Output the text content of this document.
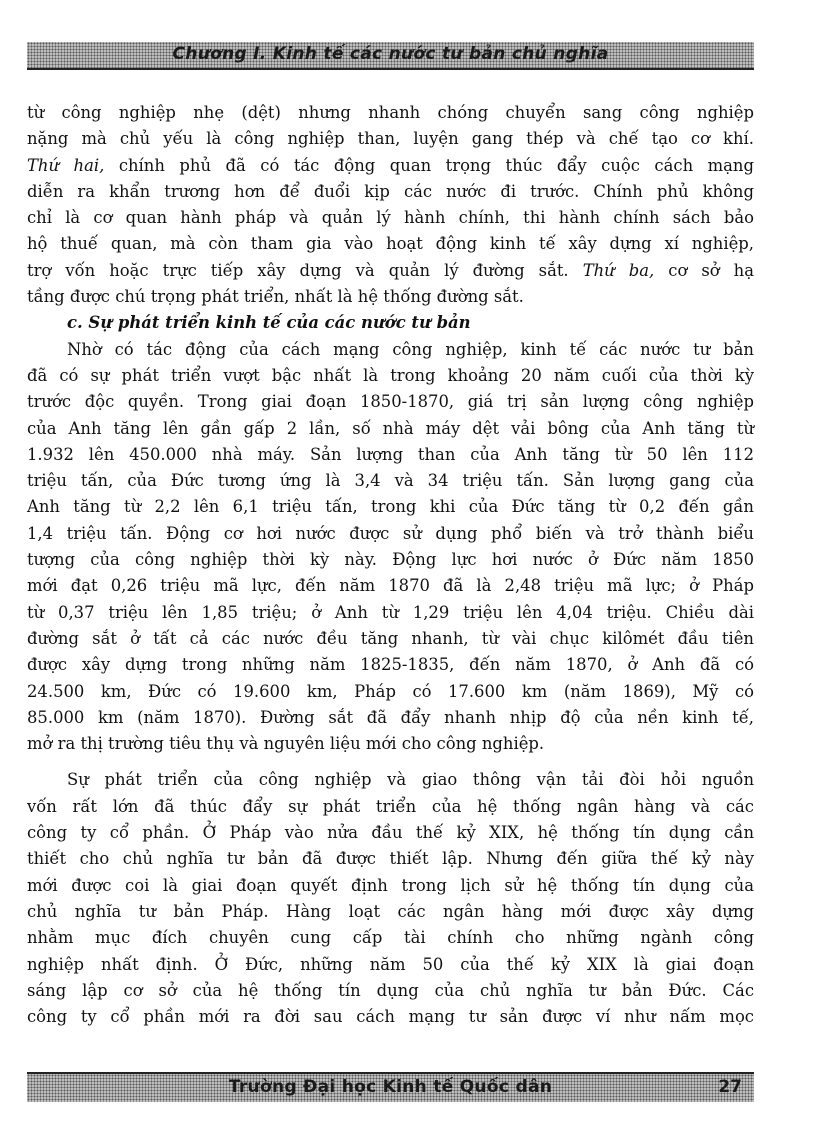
Chương I. Kinh tế các nước tư bản chủ nghĩa
từ công nghiệp nhẹ (dệt) nhưng nhanh chóng chuyển sang công nghiệp
nặng mà chủ yếu là công nghiệp than, luyện gang thép và chế tạo cơ khí.
Thứ hai, chính phủ đã có tác động quan trọng thúc đẩy cuộc cách mạng
diễn ra khẩn trương hơn để đuổi kịp các nước đi trước. Chính phủ không
chỉ là cơ quan hành pháp và quản lý hành chính, thi hành chính sách bảo
hộ thuế quan, mà còn tham gia vào hoạt động kinh tế xây dựng xí nghiệp,
trợ vốn hoặc trực tiếp xây dựng và quản lý đường sắt. Thứ ba, cơ sở hạ
tầng được chú trọng phát triển, nhất là hệ thống đường sắt.
c. Sự phát triển kinh tế của các nước tư bản
Nhờ có tác động của cách mạng công nghiệp, kinh tế các nước tư bản
đã có sự phát triển vượt bậc nhất là trong khoảng 20 năm cuối của thời kỳ
trước độc quyền. Trong giai đoạn 1850-1870, giá trị sản lượng công nghiệp
của Anh tăng lên gần gấp 2 lần, số nhà máy dệt vải bông của Anh tăng từ
1.932 lên 450.000 nhà máy. Sản lượng than của Anh tăng từ 50 lên 112
triệu tấn, của Đức tương ứng là 3,4 và 34 triệu tấn. Sản lượng gang của
Anh tăng từ 2,2 lên 6,1 triệu tấn, trong khi của Đức tăng từ 0,2 đến gần
1,4 triệu tấn. Động cơ hơi nước được sử dụng phổ biến và trở thành biểu
tượng của công nghiệp thời kỳ này. Động lực hơi nước ở Đức năm 1850
mới đạt 0,26 triệu mã lực, đến năm 1870 đã là 2,48 triệu mã lực; ở Pháp
từ 0,37 triệu lên 1,85 triệu; ở Anh từ 1,29 triệu lên 4,04 triệu. Chiều dài
đường sắt ở tất cả các nước đều tăng nhanh, từ vài chục kilômét đầu tiên
được xây dựng trong những năm 1825-1835, đến năm 1870, ở Anh đã có
24.500 km, Đức có 19.600 km, Pháp có 17.600 km (năm 1869), Mỹ có
85.000 km (năm 1870). Đường sắt đã đẩy nhanh nhịp độ của nền kinh tế,
mở ra thị trường tiêu thụ và nguyên liệu mới cho công nghiệp.
Sự phát triển của công nghiệp và giao thông vận tải đòi hỏi nguồn
vốn rất lớn đã thúc đẩy sự phát triển của hệ thống ngân hàng và các
công ty cổ phần. Ở Pháp vào nửa đầu thế kỷ XIX, hệ thống tín dụng cần
thiết cho chủ nghĩa tư bản đã được thiết lập. Nhưng đến giữa thế kỷ này
mới được coi là giai đoạn quyết định trong lịch sử hệ thống tín dụng của
chủ nghĩa tư bản Pháp. Hàng loạt các ngân hàng mới được xây dựng
nhằm mục đích chuyên cung cấp tài chính cho những ngành công
nghiệp nhất định. Ở Đức, những năm 50 của thế kỷ XIX là giai đoạn
sáng lập cơ sở của hệ thống tín dụng của chủ nghĩa tư bản Đức. Các
công ty cổ phần mới ra đời sau cách mạng tư sản được ví như nấm mọc
Trường Đại học Kinh tế Quốc dân	27
